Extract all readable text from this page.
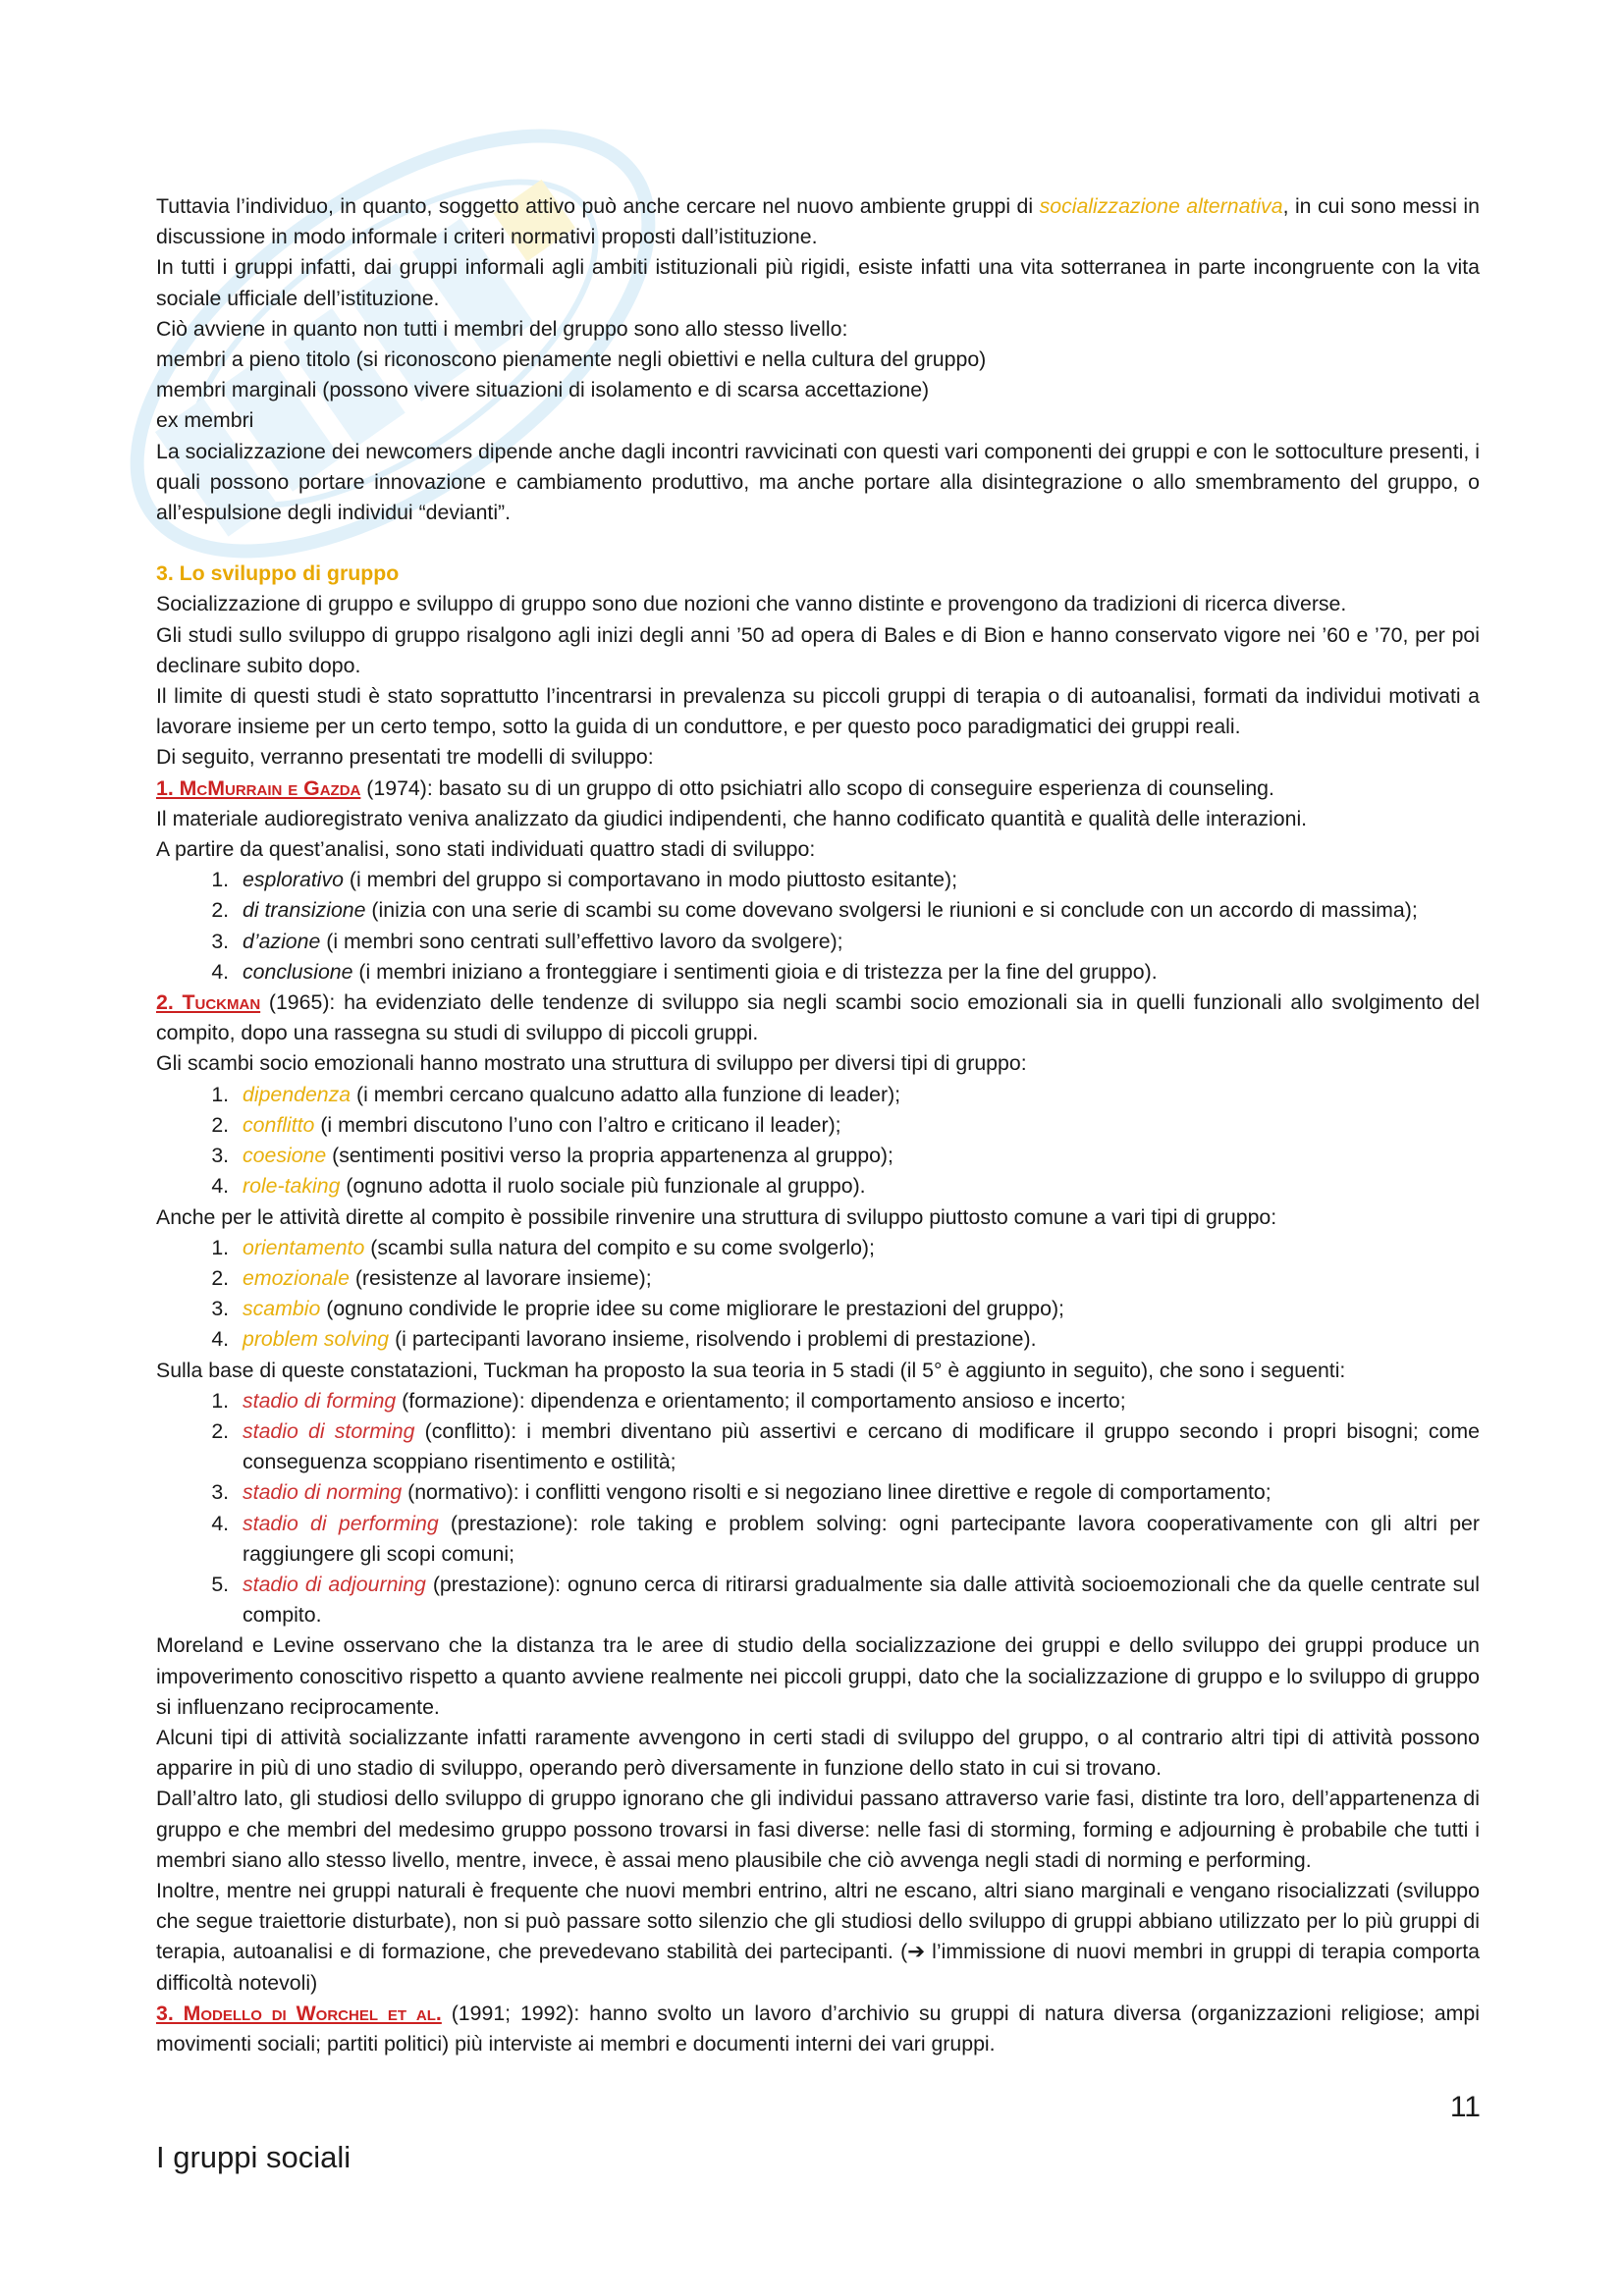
Tuttavia l’individuo, in quanto, soggetto attivo può anche cercare nel nuovo ambiente gruppi di socializzazione alternativa, in cui sono messi in discussione in modo informale i criteri normativi proposti dall’istituzione.

In tutti i gruppi infatti, dai gruppi informali agli ambiti istituzionali più rigidi, esiste infatti una vita sotterranea in parte incongruente con la vita sociale ufficiale dell’istituzione.

Ciò avviene in quanto non tutti i membri del gruppo sono allo stesso livello:

membri a pieno titolo (si riconoscono pienamente negli obiettivi e nella cultura del gruppo)

membri marginali (possono vivere situazioni di isolamento e di scarsa accettazione)

ex membri

La socializzazione dei newcomers dipende anche dagli incontri ravvicinati con questi vari componenti dei gruppi e con le sottoculture presenti, i quali possono portare innovazione e cambiamento produttivo, ma anche portare alla disintegrazione o allo smembramento del gruppo, o all’espulsione degli individui “devianti”.

3. Lo sviluppo di gruppo

Socializzazione di gruppo e sviluppo di gruppo sono due nozioni che vanno distinte e provengono da tradizioni di ricerca diverse.

Gli studi sullo sviluppo di gruppo risalgono agli inizi degli anni ’50 ad opera di Bales e di Bion e hanno conservato vigore nei ’60 e ’70, per poi declinare subito dopo.

Il limite di questi studi è stato soprattutto l’incentrarsi in prevalenza su piccoli gruppi di terapia o di autoanalisi, formati da individui motivati a lavorare insieme per un certo tempo, sotto la guida di un conduttore, e per questo poco paradigmatici dei gruppi reali.

Di seguito, verranno presentati tre modelli di sviluppo:

1. McMurrain e Gazda (1974): basato su di un gruppo di otto psichiatri allo scopo di conseguire esperienza di counseling.

Il materiale audioregistrato veniva analizzato da giudici indipendenti, che hanno codificato quantità e qualità delle interazioni.

A partire da quest’analisi, sono stati individuati quattro stadi di sviluppo:

1. esplorativo (i membri del gruppo si comportavano in modo piuttosto esitante);
2. di transizione (inizia con una serie di scambi su come dovevano svolgersi le riunioni e si conclude con un accordo di massima);
3. d’azione (i membri sono centrati sull’effettivo lavoro da svolgere);
4. conclusione (i membri iniziano a fronteggiare i sentimenti gioia e di tristezza per la fine del gruppo).

2. Tuckman (1965): ha evidenziato delle tendenze di sviluppo sia negli scambi socio emozionali sia in quelli funzionali allo svolgimento del compito, dopo una rassegna su studi di sviluppo di piccoli gruppi.

Gli scambi socio emozionali hanno mostrato una struttura di sviluppo per diversi tipi di gruppo:

1. dipendenza (i membri cercano qualcuno adatto alla funzione di leader);
2. conflitto (i membri discutono l’uno con l’altro e criticano il leader);
3. coesione (sentimenti positivi verso la propria appartenenza al gruppo);
4. role-taking (ognuno adotta il ruolo sociale più funzionale al gruppo).

Anche per le attività dirette al compito è possibile rinvenire una struttura di sviluppo piuttosto comune a vari tipi di gruppo:

1. orientamento (scambi sulla natura del compito e su come svolgerlo);
2. emozionale (resistenze al lavorare insieme);
3. scambio (ognuno condivide le proprie idee su come migliorare le prestazioni del gruppo);
4. problem solving (i partecipanti lavorano insieme, risolvendo i problemi di prestazione).

Sulla base di queste constatazioni, Tuckman ha proposto la sua teoria in 5 stadi (il 5° è aggiunto in seguito), che sono i seguenti:

1. stadio di forming (formazione): dipendenza e orientamento; il comportamento ansioso e incerto;
2. stadio di storming (conflitto): i membri diventano più assertivi e cercano di modificare il gruppo secondo i propri bisogni; come conseguenza scoppiano risentimento e ostilità;
3. stadio di norming (normativo): i conflitti vengono risolti e si negoziano linee direttive e regole di comportamento;
4. stadio di performing (prestazione): role taking e problem solving: ogni partecipante lavora cooperativamente con gli altri per raggiungere gli scopi comuni;
5. stadio di adjourning (prestazione): ognuno cerca di ritirarsi gradualmente sia dalle attività socioemozionali che da quelle centrate sul compito.

Moreland e Levine osservano che la distanza tra le aree di studio della socializzazione dei gruppi e dello sviluppo dei gruppi produce un impoverimento conoscitivo rispetto a quanto avviene realmente nei piccoli gruppi, dato che la socializzazione di gruppo e lo sviluppo di gruppo si influenzano reciprocamente.

Alcuni tipi di attività socializzante infatti raramente avvengono in certi stadi di sviluppo del gruppo, o al contrario altri tipi di attività possono apparire in più di uno stadio di sviluppo, operando però diversamente in funzione dello stato in cui si trovano.

Dall’altro lato, gli studiosi dello sviluppo di gruppo ignorano che gli individui passano attraverso varie fasi, distinte tra loro, dell’appartenenza di gruppo e che membri del medesimo gruppo possono trovarsi in fasi diverse: nelle fasi di storming, forming e adjourning è probabile che tutti i membri siano allo stesso livello, mentre, invece, è assai meno plausibile che ciò avvenga negli stadi di norming e performing.

Inoltre, mentre nei gruppi naturali è frequente che nuovi membri entrino, altri ne escano, altri siano marginali e vengano risocializzati (sviluppo che segue traiettorie disturbate), non si può passare sotto silenzio che gli studiosi dello sviluppo di gruppi abbiano utilizzato per lo più gruppi di terapia, autoanalisi e di formazione, che prevedevano stabilità dei partecipanti. (➔ l’immissione di nuovi membri in gruppi di terapia comporta difficoltà notevoli)

3. Modello di Worchel et al. (1991; 1992): hanno svolto un lavoro d’archivio su gruppi di natura diversa (organizzazioni religiose; ampi movimenti sociali; partiti politici) più interviste ai membri e documenti interni dei vari gruppi.

11
I gruppi sociali
